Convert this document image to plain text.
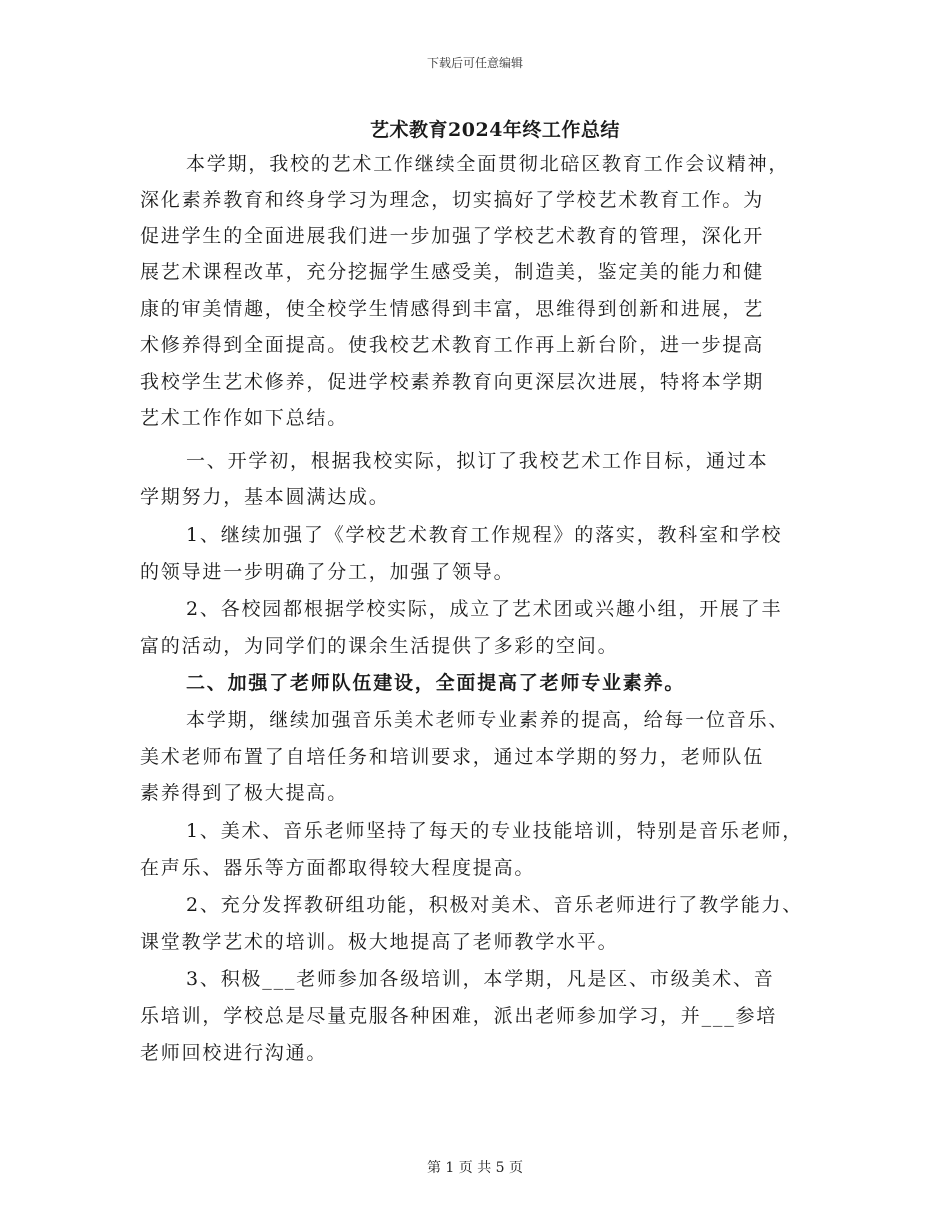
下载后可任意编辑
艺术教育2024年终工作总结
本学期，我校的艺术工作继续全面贯彻北碚区教育工作会议精神，
深化素养教育和终身学习为理念，切实搞好了学校艺术教育工作。为
促进学生的全面进展我们进一步加强了学校艺术教育的管理，深化开
展艺术课程改革，充分挖掘学生感受美，制造美，鉴定美的能力和健
康的审美情趣，使全校学生情感得到丰富，思维得到创新和进展，艺
术修养得到全面提高。使我校艺术教育工作再上新台阶，进一步提高
我校学生艺术修养，促进学校素养教育向更深层次进展，特将本学期
艺术工作作如下总结。
一、开学初，根据我校实际，拟订了我校艺术工作目标，通过本
学期努力，基本圆满达成。
1、继续加强了《学校艺术教育工作规程》的落实，教科室和学校
的领导进一步明确了分工，加强了领导。
2、各校园都根据学校实际，成立了艺术团或兴趣小组，开展了丰
富的活动，为同学们的课余生活提供了多彩的空间。
二、加强了老师队伍建设，全面提高了老师专业素养。
本学期，继续加强音乐美术老师专业素养的提高，给每一位音乐、
美术老师布置了自培任务和培训要求，通过本学期的努力，老师队伍
素养得到了极大提高。
1、美术、音乐老师坚持了每天的专业技能培训，特别是音乐老师，
在声乐、器乐等方面都取得较大程度提高。
2、充分发挥教研组功能，积极对美术、音乐老师进行了教学能力、
课堂教学艺术的培训。极大地提高了老师教学水平。
3、积极___老师参加各级培训，本学期，凡是区、市级美术、音
乐培训，学校总是尽量克服各种困难，派出老师参加学习，并___参培
老师回校进行沟通。
第 1 页 共 5 页
